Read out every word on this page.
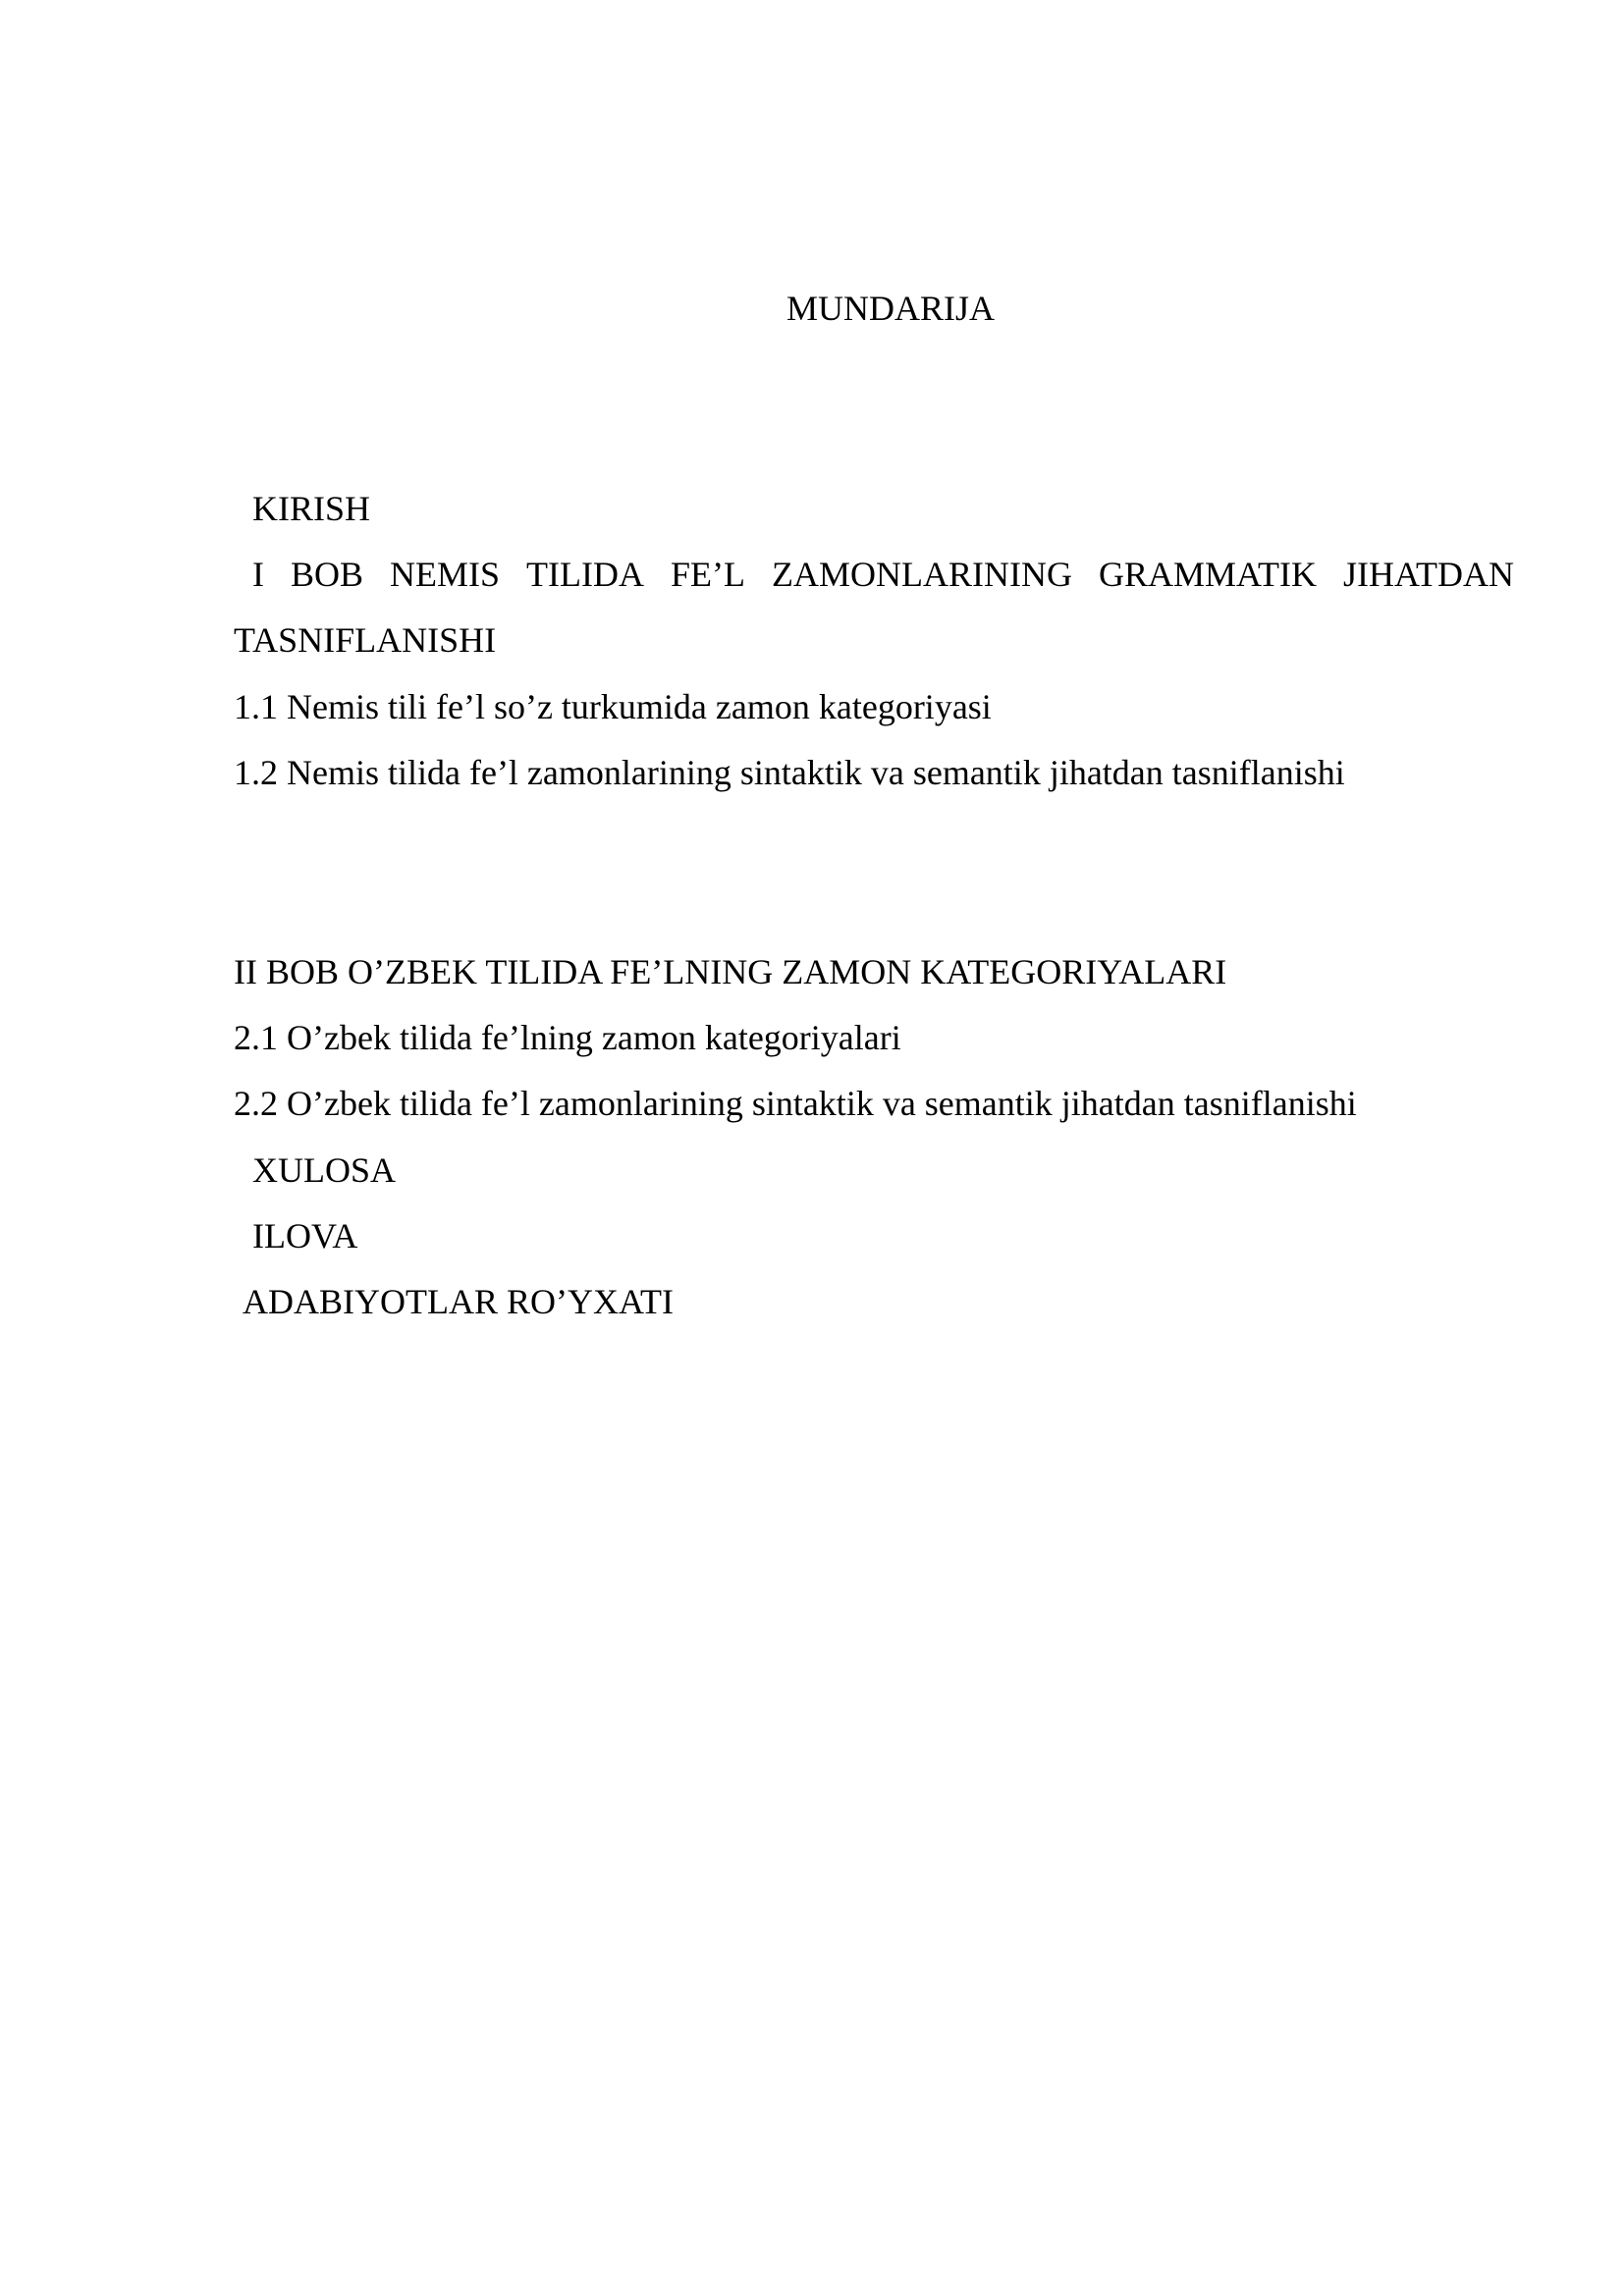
MUNDARIJA
KIRISH
I BOB NEMIS TILIDA FE’L ZAMONLARINING GRAMMATIK JIHATDAN
TASNIFLANISHI
1.1 Nemis tili fe’l so’z turkumida zamon kategoriyasi
1.2 Nemis tilida fe’l zamonlarining sintaktik va semantik jihatdan tasniflanishi
II BOB O’ZBEK TILIDA FE’LNING ZAMON KATEGORIYALARI
2.1 O’zbek tilida fe’lning zamon kategoriyalari
2.2 O’zbek tilida fe’l zamonlarining sintaktik va semantik jihatdan tasniflanishi
XULOSA
ILOVA
ADABIYOTLAR RO’YXATI
